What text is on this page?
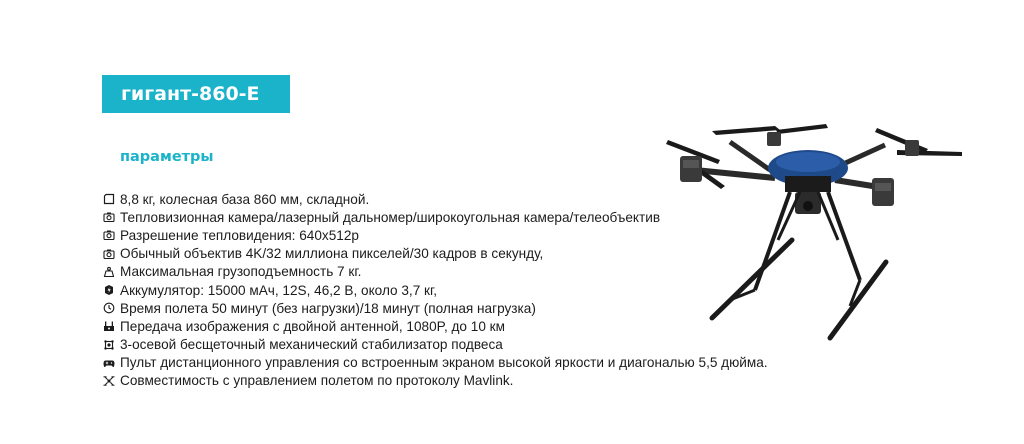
гигант-860-E
параметры
8,8 кг, колесная база 860 мм, складной.
Тепловизионная камера/лазерный дальномер/широкоугольная камера/телеобъектив
Разрешение тепловидения: 640x512p
Обычный объектив 4K/32 миллиона пикселей/30 кадров в секунду,
Максимальная грузоподъемность 7 кг.
Аккумулятор: 15000 мАч, 12S, 46,2 В, около 3,7 кг,
Время полета 50 минут (без нагрузки)/18 минут (полная нагрузка)
Передача изображения с двойной антенной, 1080P, до 10 км
3-осевой бесщеточный механический стабилизатор подвеса
Пульт дистанционного управления со встроенным экраном высокой яркости и диагональю 5,5 дюйма.
Совместимость с управлением полетом по протоколу Mavlink.
